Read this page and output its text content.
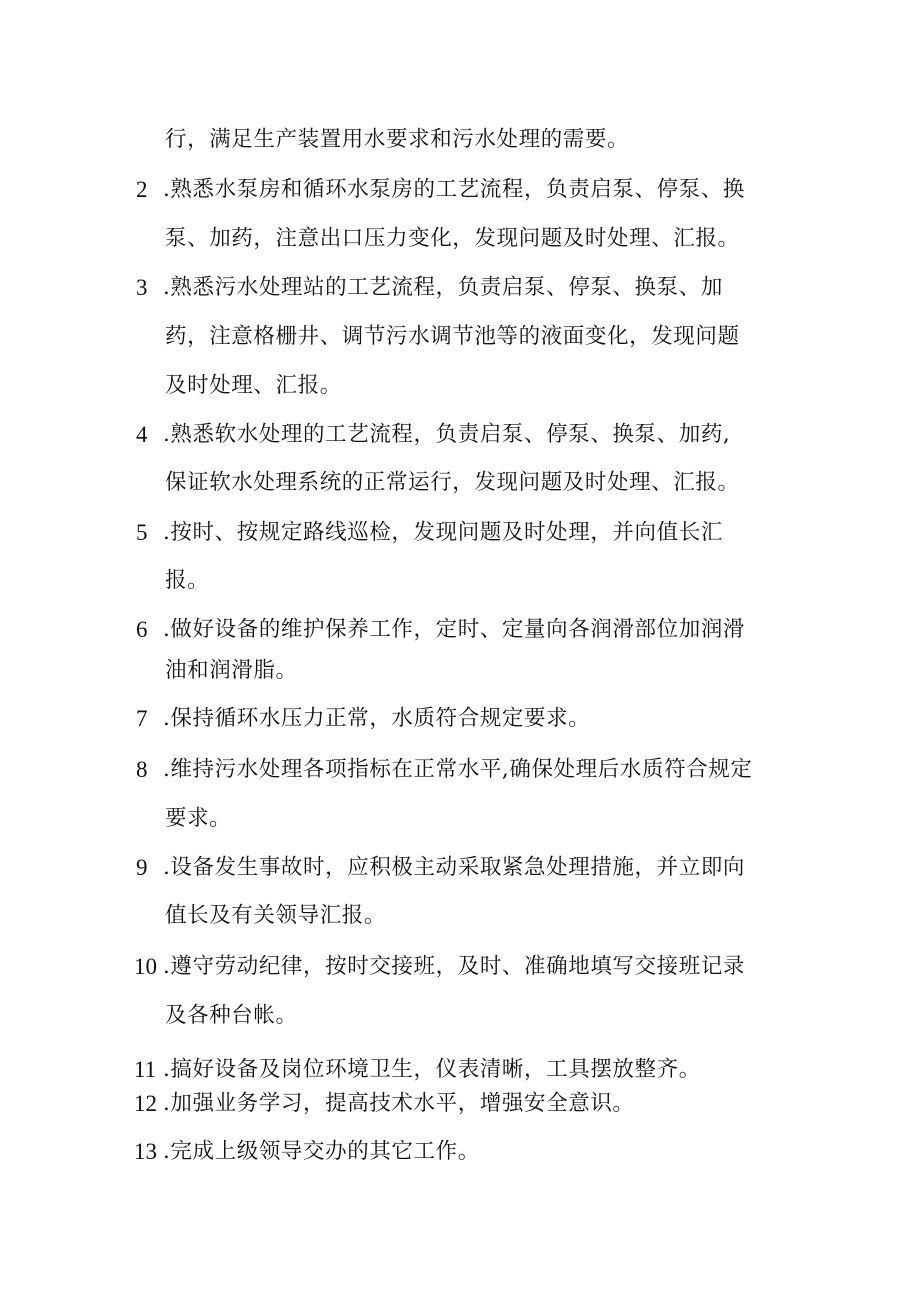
行，满足生产装置用水要求和污水处理的需要。
2 .熟悉水泵房和循环水泵房的工艺流程，负责启泵、停泵、换
泵、加药，注意出口压力变化，发现问题及时处理、汇报。
3 .熟悉污水处理站的工艺流程，负责启泵、停泵、换泵、加
药，注意格栅井、调节污水调节池等的液面变化，发现问题
及时处理、汇报。
4 .熟悉软水处理的工艺流程，负责启泵、停泵、换泵、加药,
保证软水处理系统的正常运行，发现问题及时处理、汇报。
5 .按时、按规定路线巡检，发现问题及时处理，并向值长汇
报。
6 .做好设备的维护保养工作，定时、定量向各润滑部位加润滑
油和润滑脂。
7 .保持循环水压力正常，水质符合规定要求。
8 .维持污水处理各项指标在正常水平,确保处理后水质符合规定
要求。
9 .设备发生事故时，应积极主动采取紧急处理措施，并立即向
值长及有关领导汇报。
10 .遵守劳动纪律，按时交接班，及时、准确地填写交接班记录
及各种台帐。
11 .搞好设备及岗位环境卫生，仪表清晰，工具摆放整齐。
12 .加强业务学习，提高技术水平，增强安全意识。
13 .完成上级领导交办的其它工作。
